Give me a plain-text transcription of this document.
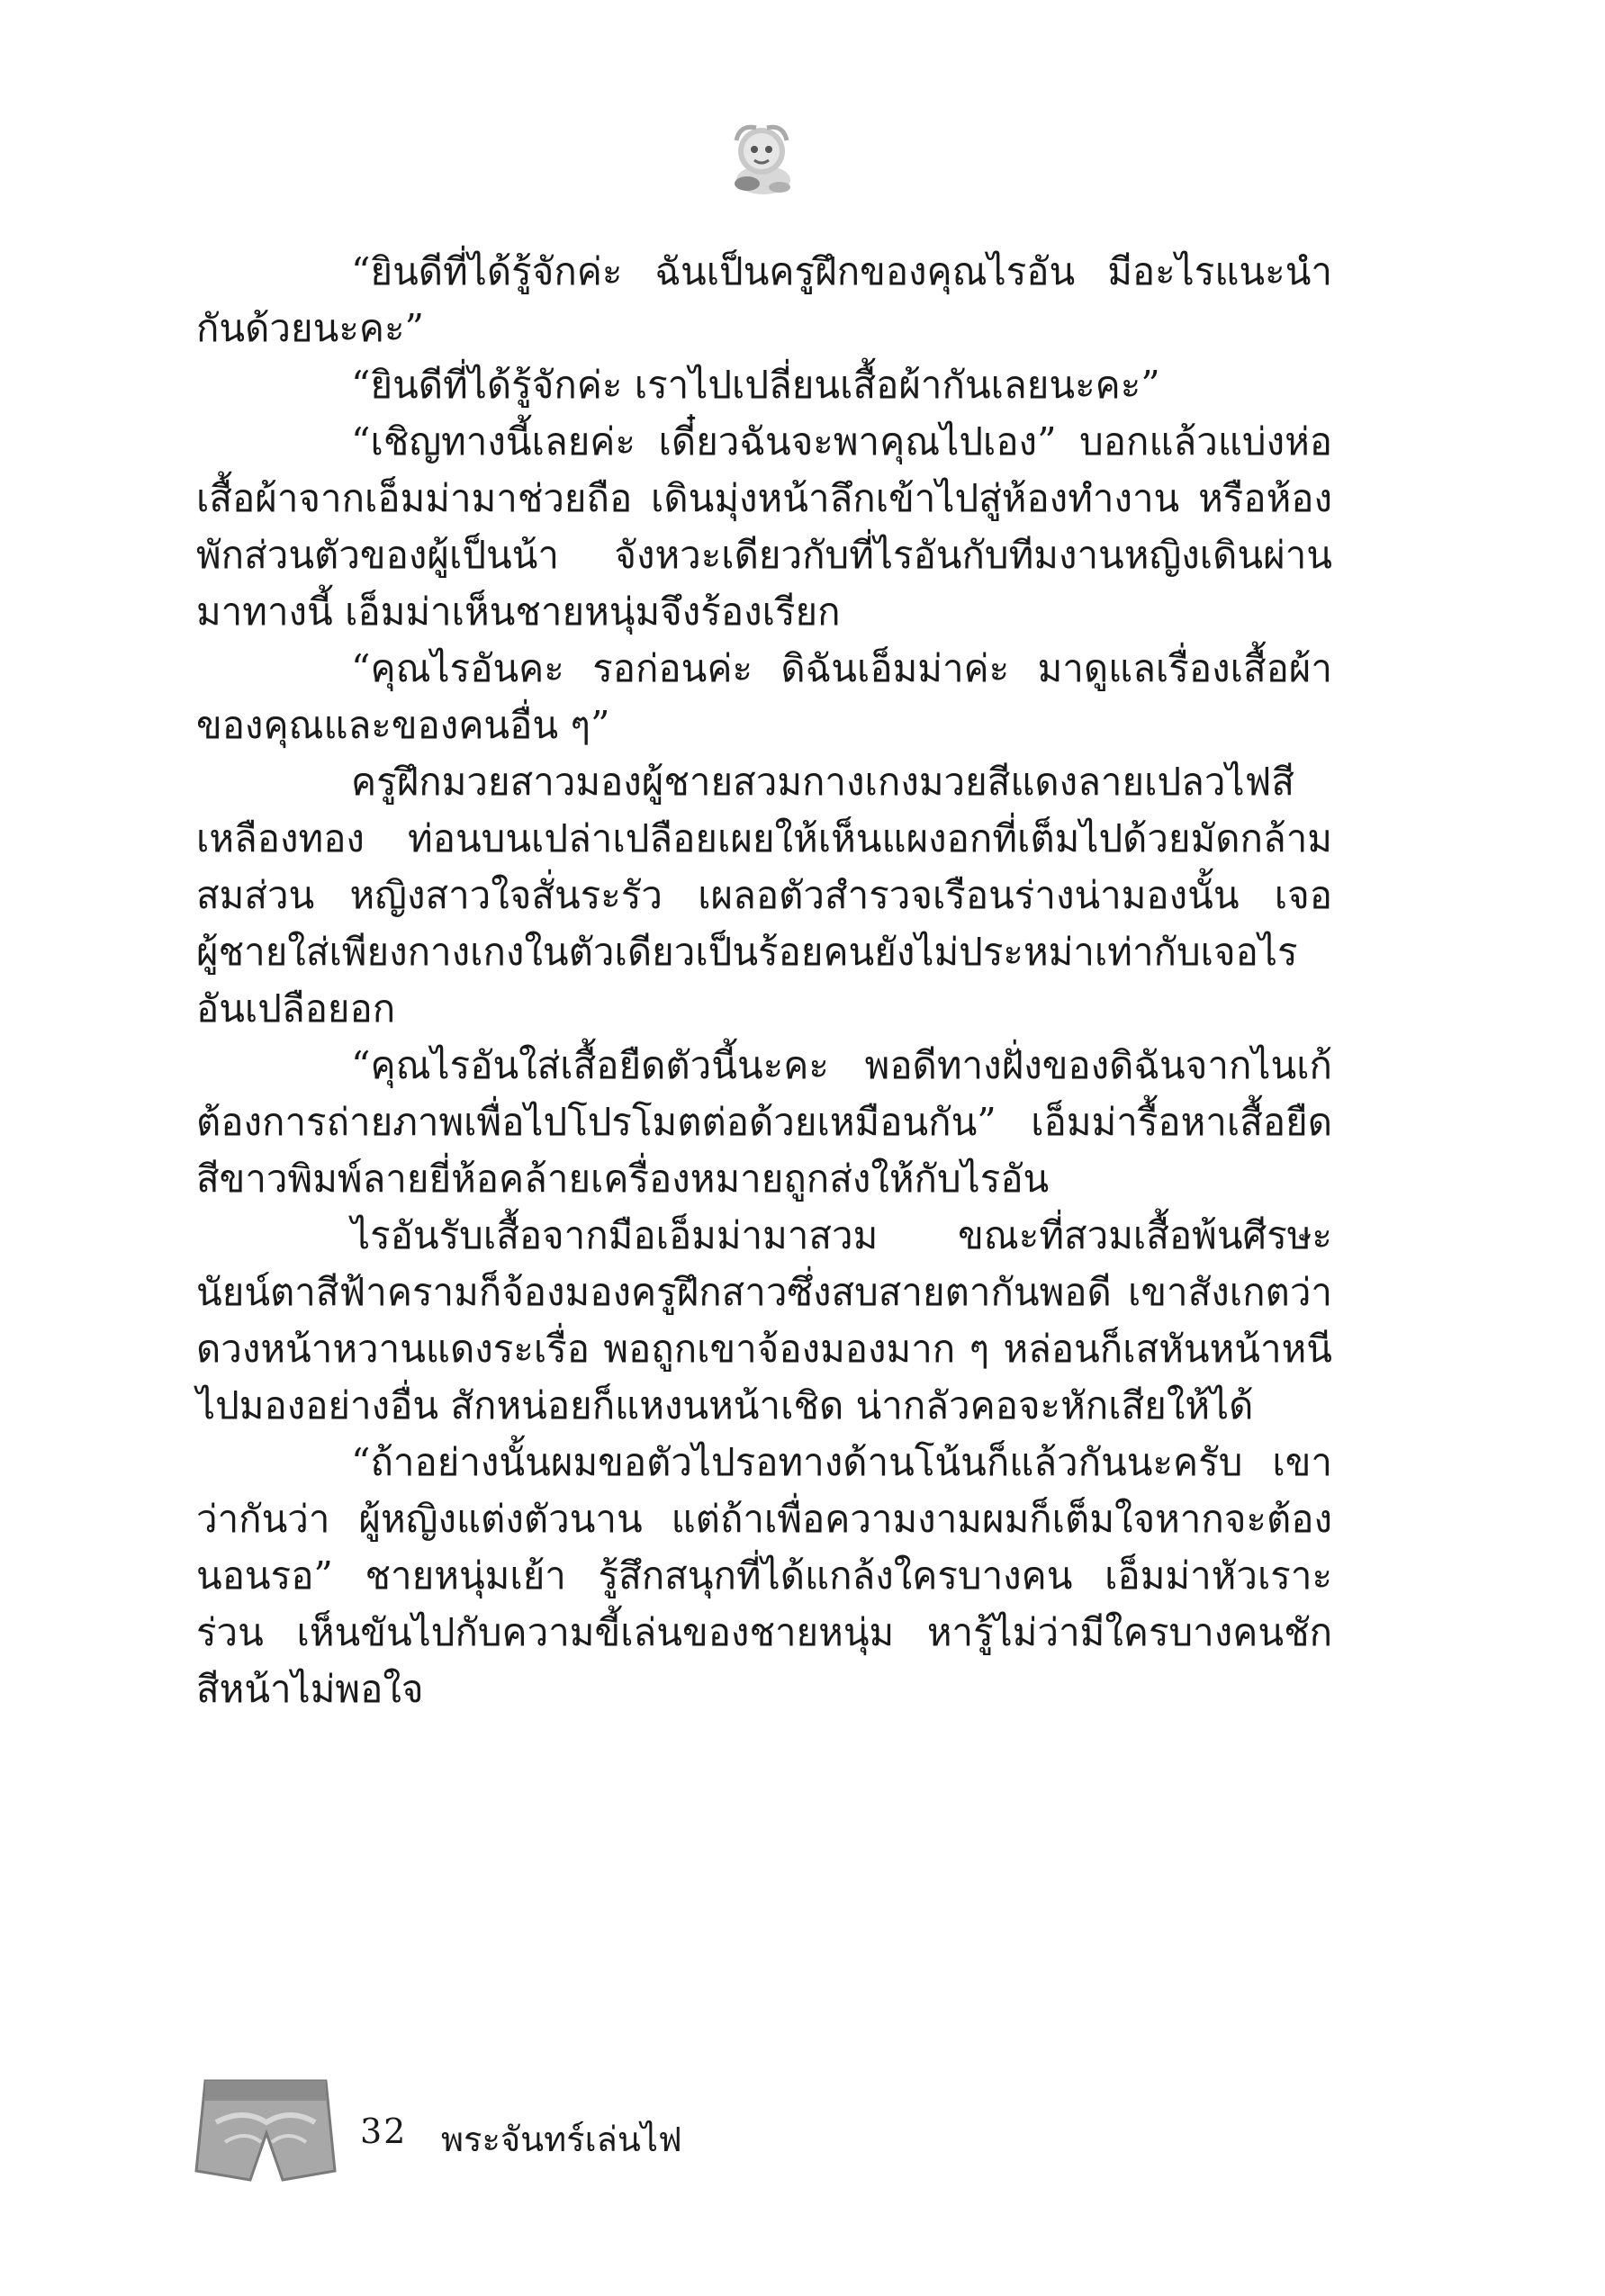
“ยินดีที่ได้รู้จักค่ะ ฉันเป็นครูฝึกของคุณไรอัน มีอะไรแนะนำกันด้วยนะคะ”

“ยินดีที่ได้รู้จักค่ะ เราไปเปลี่ยนเสื้อผ้ากันเลยนะคะ”

“เชิญทางนี้เลยค่ะ เดี๋ยวฉันจะพาคุณไปเอง” บอกแล้วแบ่งห่อเสื้อผ้าจากเอ็มม่ามาช่วยถือ เดินมุ่งหน้าลึกเข้าไปสู่ห้องทำงาน หรือห้องพักส่วนตัวของผู้เป็นน้า จังหวะเดียวกับที่ไรอันกับทีมงานหญิงเดินผ่านมาทางนี้ เอ็มม่าเห็นชายหนุ่มจึงร้องเรียก

“คุณไรอันคะ รอก่อนค่ะ ดิฉันเอ็มม่าค่ะ มาดูแลเรื่องเสื้อผ้าของคุณและของคนอื่น ๆ”

ครูฝึกมวยสาวมองผู้ชายสวมกางเกงมวยสีแดงลายเปลวไฟสีเหลืองทอง ท่อนบนเปล่าเปลือยเผยให้เห็นแผงอกที่เต็มไปด้วยมัดกล้ามสมส่วน หญิงสาวใจสั่นระรัว เผลอตัวสำรวจเรือนร่างน่ามองนั้น เจอผู้ชายใส่เพียงกางเกงในตัวเดียวเป็นร้อยคนยังไม่ประหม่าเท่ากับเจอไรอันเปลือยอก

“คุณไรอันใส่เสื้อยืดตัวนี้นะคะ พอดีทางฝั่งของดิฉันจากไนเก้ต้องการถ่ายภาพเพื่อไปโปรโมตต่อด้วยเหมือนกัน” เอ็มม่ารื้อหาเสื้อยืดสีขาวพิมพ์ลายยี่ห้อคล้ายเครื่องหมายถูกส่งให้กับไรอัน

ไรอันรับเสื้อจากมือเอ็มม่ามาสวม ขณะที่สวมเสื้อพ้นศีรษะนัยน์ตาสีฟ้าครามก็จ้องมองครูฝึกสาวซึ่งสบสายตากันพอดี เขาสังเกตว่าดวงหน้าหวานแดงระเรื่อ พอถูกเขาจ้องมองมาก ๆ หล่อนก็เสหันหน้าหนีไปมองอย่างอื่น สักหน่อยก็แหงนหน้าเชิด น่ากลัวคอจะหักเสียให้ได้

“ถ้าอย่างนั้นผมขอตัวไปรอทางด้านโน้นก็แล้วกันนะครับ เขาว่ากันว่า ผู้หญิงแต่งตัวนาน แต่ถ้าเพื่อความงามผมก็เต็มใจหากจะต้องนอนรอ” ชายหนุ่มเย้า รู้สึกสนุกที่ได้แกล้งใครบางคน เอ็มม่าหัวเราะร่วน เห็นขันไปกับความขี้เล่นของชายหนุ่ม หารู้ไม่ว่ามีใครบางคนชักสีหน้าไม่พอใจ

32 พระจันทร์เล่นไฟ
